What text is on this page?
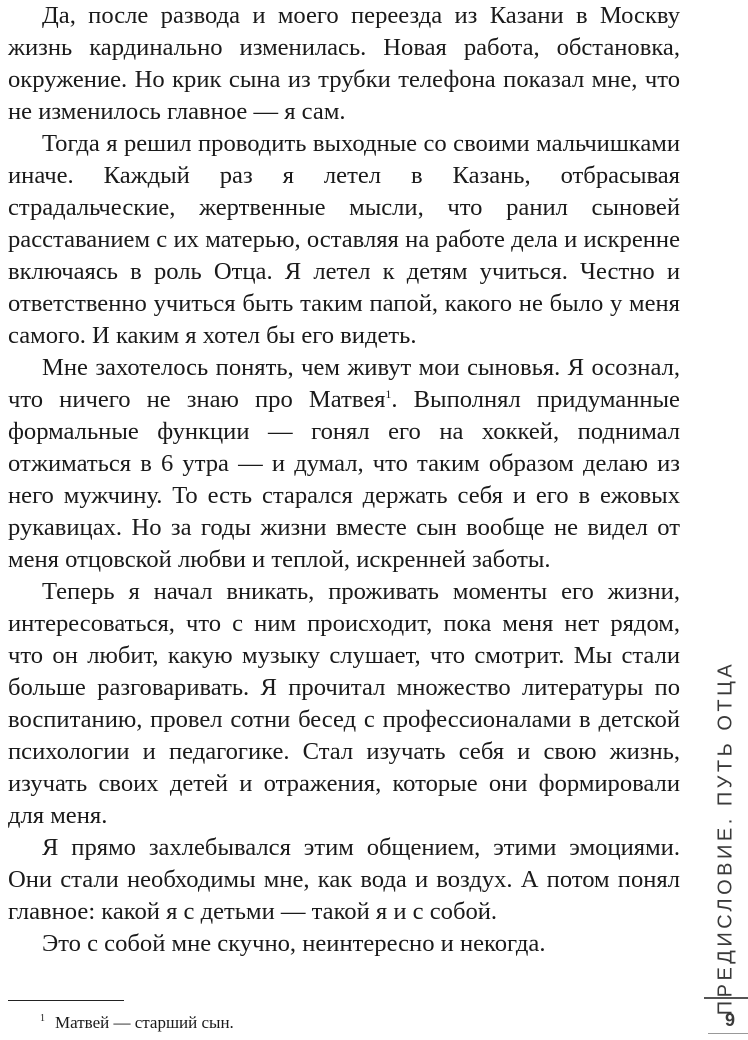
Да, после развода и моего переезда из Казани в Москву жизнь кардинально изменилась. Новая работа, обстановка, окружение. Но крик сына из трубки телефона показал мне, что не изменилось главное — я сам.

Тогда я решил проводить выходные со своими мальчишками иначе. Каждый раз я летел в Казань, отбрасывая страдальческие, жертвенные мысли, что ранил сыновей расставанием с их матерью, оставляя на работе дела и искренне включаясь в роль Отца. Я летел к детям учиться. Честно и ответственно учиться быть таким папой, какого не было у меня самого. И каким я хотел бы его видеть.

Мне захотелось понять, чем живут мои сыновья. Я осознал, что ничего не знаю про Матвея$^1$. Выполнял придуманные формальные функции — гонял его на хоккей, поднимал отжиматься в 6 утра — и думал, что таким образом делаю из него мужчину. То есть старался держать себя и его в ежовых рукавицах. Но за годы жизни вместе сын вообще не видел от меня отцовской любви и теплой, искренней заботы.

Теперь я начал вникать, проживать моменты его жизни, интересоваться, что с ним происходит, пока меня нет рядом, что он любит, какую музыку слушает, что смотрит. Мы стали больше разговаривать. Я прочитал множество литературы по воспитанию, провел сотни бесед с профессионалами в детской психологии и педагогике. Стал изучать себя и свою жизнь, изучать своих детей и отражения, которые они формировали для меня.

Я прямо захлебывался этим общением, этими эмоциями. Они стали необходимы мне, как вода и воздух. А потом понял главное: какой я с детьми — такой я и с собой.

Это с собой мне скучно, неинтересно и некогда.

$^1$ Матвей — старший сын.
ПРЕДИСЛОВИЕ. ПУТЬ ОТЦА
9
